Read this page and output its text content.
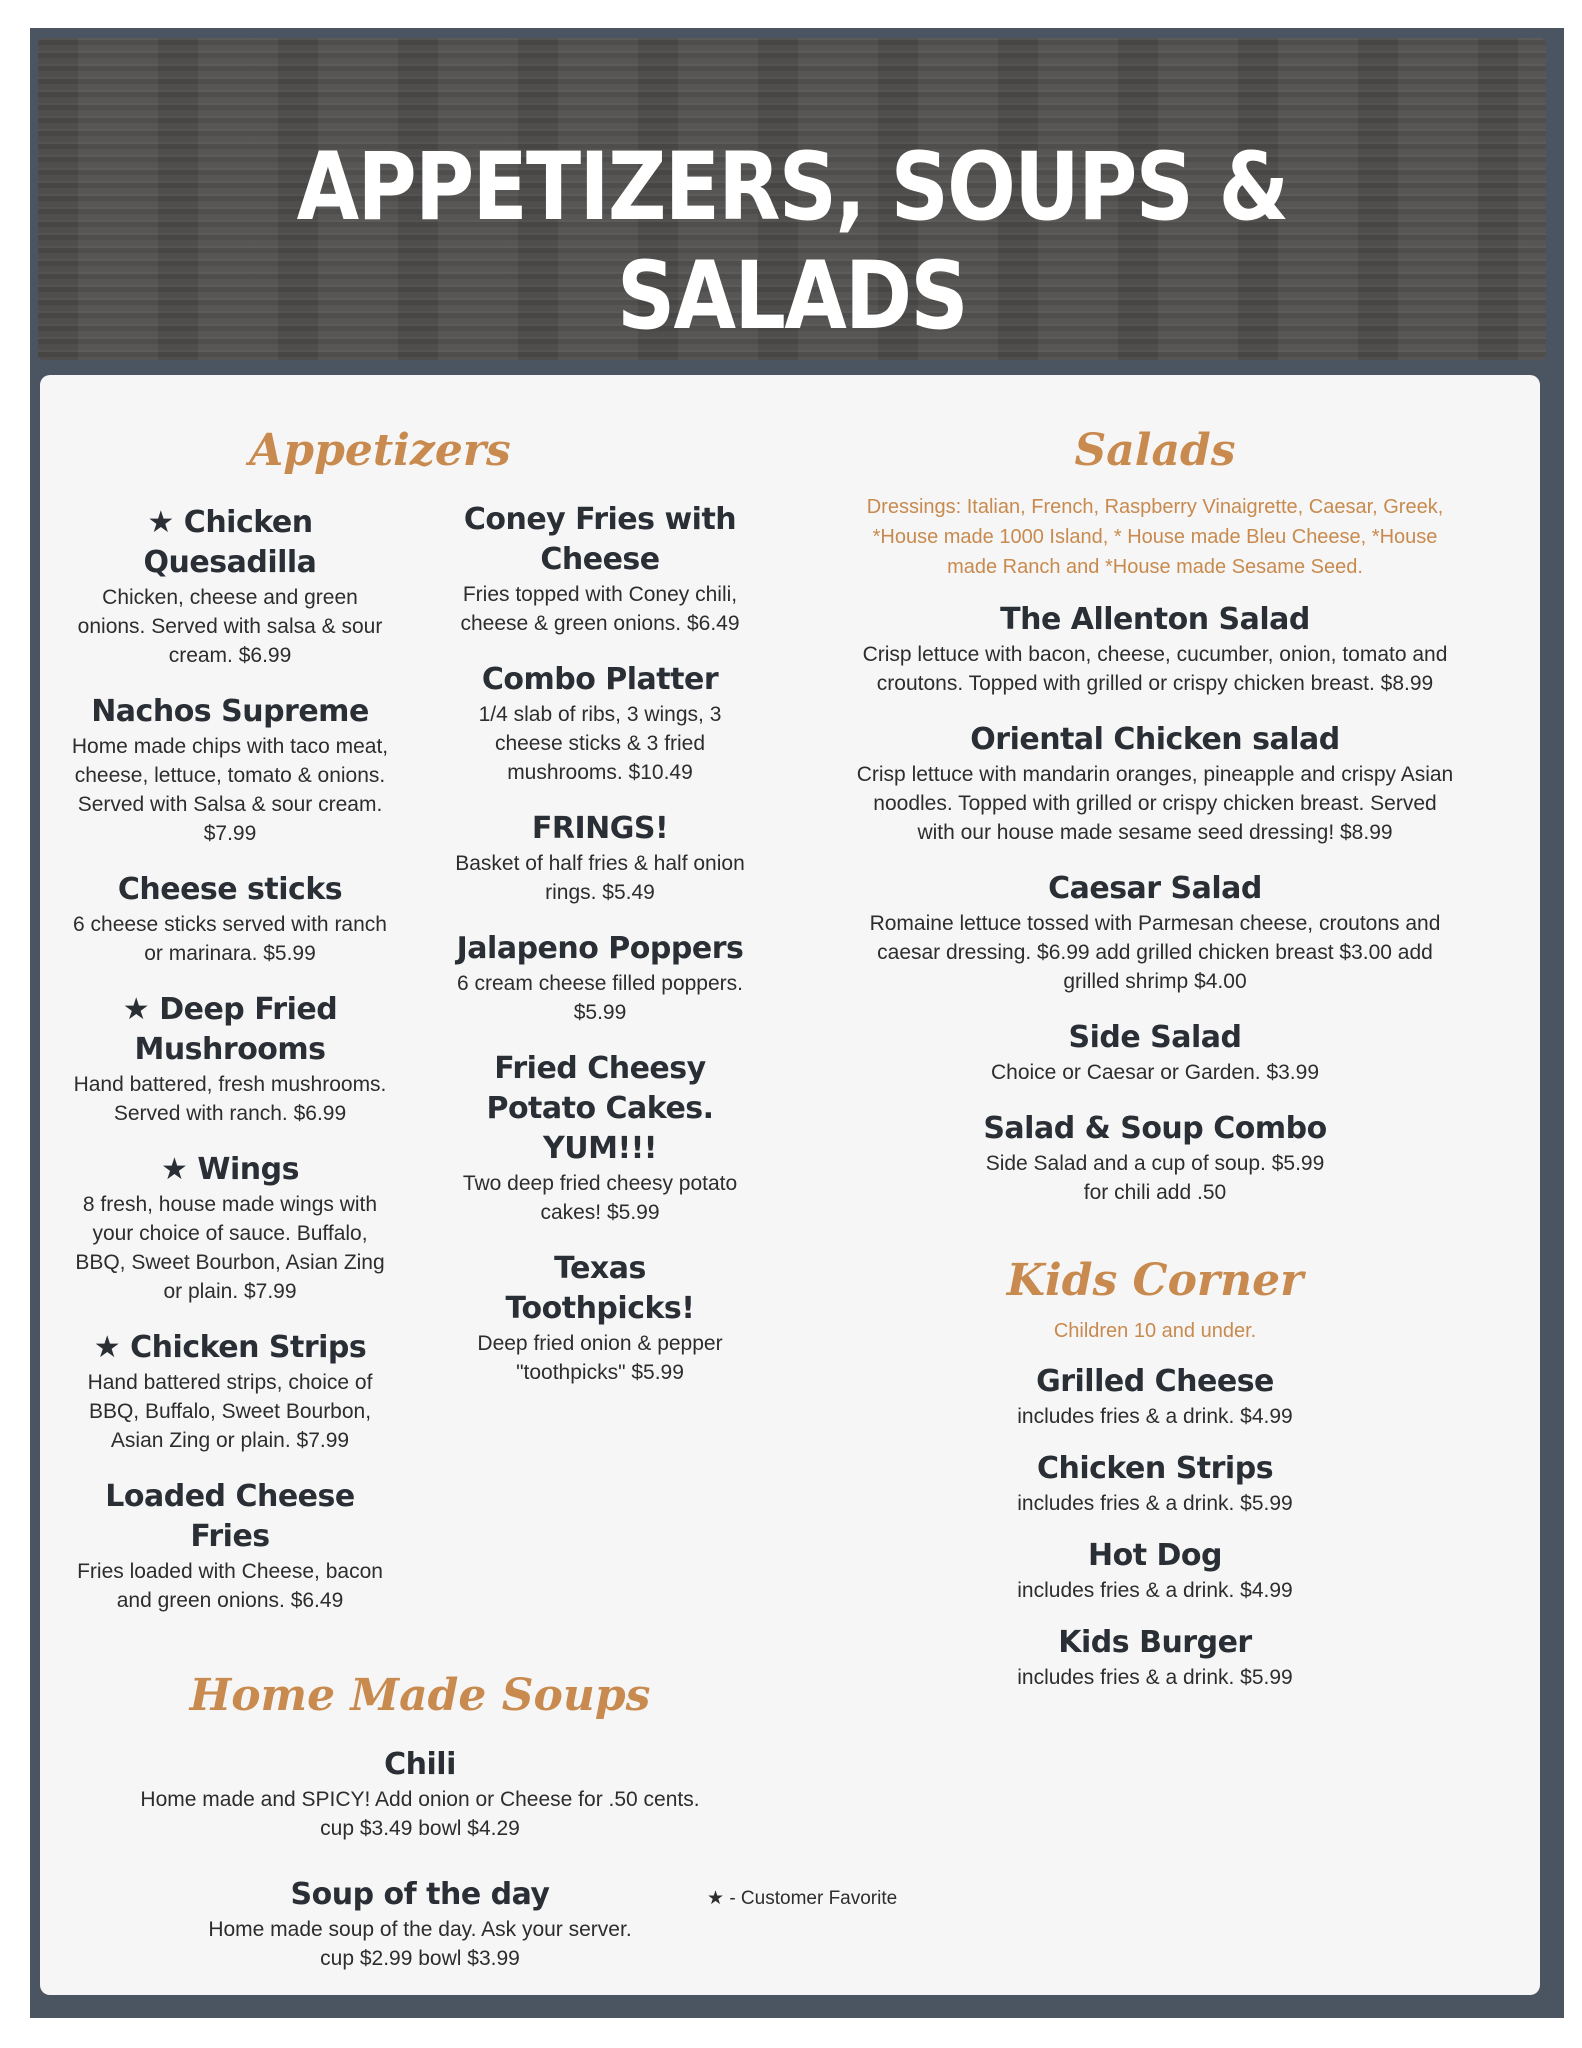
APPETIZERS, SOUPS & SALADS
Appetizers
★ Chicken Quesadilla
Chicken, cheese and green onions. Served with salsa & sour cream. $6.99
Nachos Supreme
Home made chips with taco meat, cheese, lettuce, tomato & onions. Served with Salsa & sour cream. $7.99
Cheese sticks
6 cheese sticks served with ranch or marinara. $5.99
★ Deep Fried Mushrooms
Hand battered, fresh mushrooms. Served with ranch. $6.99
★ Wings
8 fresh, house made wings with your choice of sauce. Buffalo, BBQ, Sweet Bourbon, Asian Zing or plain. $7.99
★ Chicken Strips
Hand battered strips, choice of BBQ, Buffalo, Sweet Bourbon, Asian Zing or plain. $7.99
Loaded Cheese Fries
Fries loaded with Cheese, bacon and green onions. $6.49
Coney Fries with Cheese
Fries topped with Coney chili, cheese & green onions. $6.49
Combo Platter
1/4 slab of ribs, 3 wings, 3 cheese sticks & 3 fried mushrooms. $10.49
FRINGS!
Basket of half fries & half onion rings. $5.49
Jalapeno Poppers
6 cream cheese filled poppers. $5.99
Fried Cheesy Potato Cakes. YUM!!!
Two deep fried cheesy potato cakes! $5.99
Texas Toothpicks!
Deep fried onion & pepper "toothpicks" $5.99
Home Made Soups
Chili
Home made and SPICY! Add onion or Cheese for .50 cents.
cup $3.49 bowl $4.29
Soup of the day
Home made soup of the day. Ask your server.
cup $2.99 bowl $3.99
★ - Customer Favorite
Salads
Dressings: Italian, French, Raspberry Vinaigrette, Caesar, Greek, *House made 1000 Island, * House made Bleu Cheese, *House made Ranch and *House made Sesame Seed.
The Allenton Salad
Crisp lettuce with bacon, cheese, cucumber, onion, tomato and croutons. Topped with grilled or crispy chicken breast. $8.99
Oriental Chicken salad
Crisp lettuce with mandarin oranges, pineapple and crispy Asian noodles. Topped with grilled or crispy chicken breast. Served with our house made sesame seed dressing! $8.99
Caesar Salad
Romaine lettuce tossed with Parmesan cheese, croutons and caesar dressing. $6.99 add grilled chicken breast $3.00 add grilled shrimp $4.00
Side Salad
Choice or Caesar or Garden. $3.99
Salad & Soup Combo
Side Salad and a cup of soup. $5.99 for chili add .50
Kids Corner
Children 10 and under.
Grilled Cheese
includes fries & a drink. $4.99
Chicken Strips
includes fries & a drink. $5.99
Hot Dog
includes fries & a drink. $4.99
Kids Burger
includes fries & a drink. $5.99
